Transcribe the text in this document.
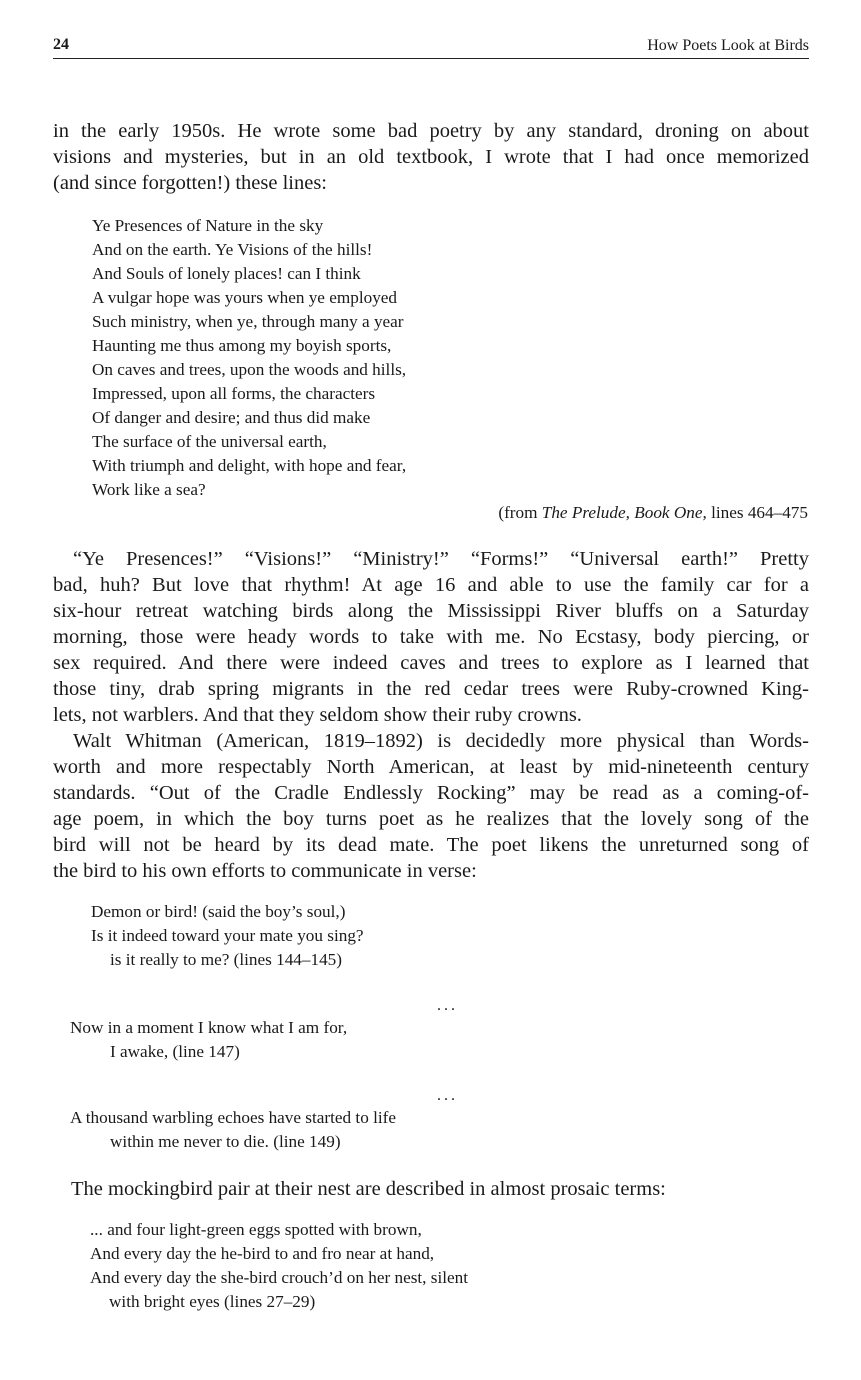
24	How Poets Look at Birds
in the early 1950s. He wrote some bad poetry by any standard, droning on about
visions and mysteries, but in an old textbook, I wrote that I had once memorized
(and since forgotten!) these lines:
Ye Presences of Nature in the sky
And on the earth. Ye Visions of the hills!
And Souls of lonely places! can I think
A vulgar hope was yours when ye employed
Such ministry, when ye, through many a year
Haunting me thus among my boyish sports,
On caves and trees, upon the woods and hills,
Impressed, upon all forms, the characters
Of danger and desire; and thus did make
The surface of the universal earth,
With triumph and delight, with hope and fear,
Work like a sea?
(from The Prelude, Book One, lines 464–475
“Ye Presences!” “Visions!” “Ministry!” “Forms!” “Universal earth!” Pretty
bad, huh? But love that rhythm! At age 16 and able to use the family car for a
six-hour retreat watching birds along the Mississippi River bluffs on a Saturday
morning, those were heady words to take with me. No Ecstasy, body piercing, or
sex required. And there were indeed caves and trees to explore as I learned that
those tiny, drab spring migrants in the red cedar trees were Ruby-crowned King-
lets, not warblers. And that they seldom show their ruby crowns.
Walt Whitman (American, 1819–1892) is decidedly more physical than Words-
worth and more respectably North American, at least by mid-nineteenth century
standards. “Out of the Cradle Endlessly Rocking” may be read as a coming-of-
age poem, in which the boy turns poet as he realizes that the lovely song of the
bird will not be heard by its dead mate. The poet likens the unreturned song of
the bird to his own efforts to communicate in verse:
Demon or bird! (said the boy’s soul,)
Is it indeed toward your mate you sing?
is it really to me? (lines 144–145)
...
Now in a moment I know what I am for,
I awake, (line 147)
...
A thousand warbling echoes have started to life
within me never to die. (line 149)
The mockingbird pair at their nest are described in almost prosaic terms:
... and four light-green eggs spotted with brown,
And every day the he-bird to and fro near at hand,
And every day the she-bird crouch’d on her nest, silent
with bright eyes (lines 27–29)
